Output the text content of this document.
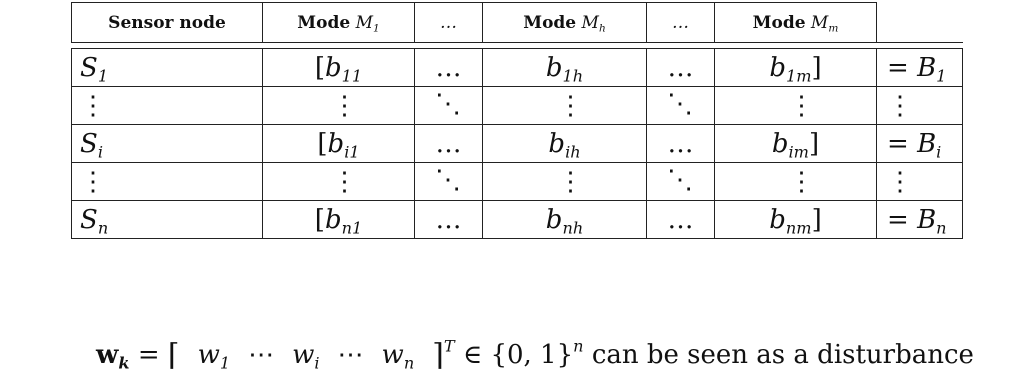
Sensor node	Mode $M_1$	…	Mode $M_h$	…	Mode $M_m$	

$S_1$	[$b_{11}$	…	$b_{1h}$	…	$b_{1m}$]	= $B_1$
⋮	⋮	⋱	⋮	⋱	⋮	⋮
$S_i$	[$b_{i1}$	…	$b_{ih}$	…	$b_{im}$]	= $B_i$
⋮	⋮	⋱	⋮	⋱	⋮	⋮
$S_n$	[$b_{n1}$	…	$b_{nh}$	…	$b_{nm}$]	= $B_n$
$w_k$ = ⌈ $w_1$ ⋯ $w_i$ ⋯ $w_n$ ⌉$^T$ ∈ {0, 1}$^n$ can be seen as a disturbance
